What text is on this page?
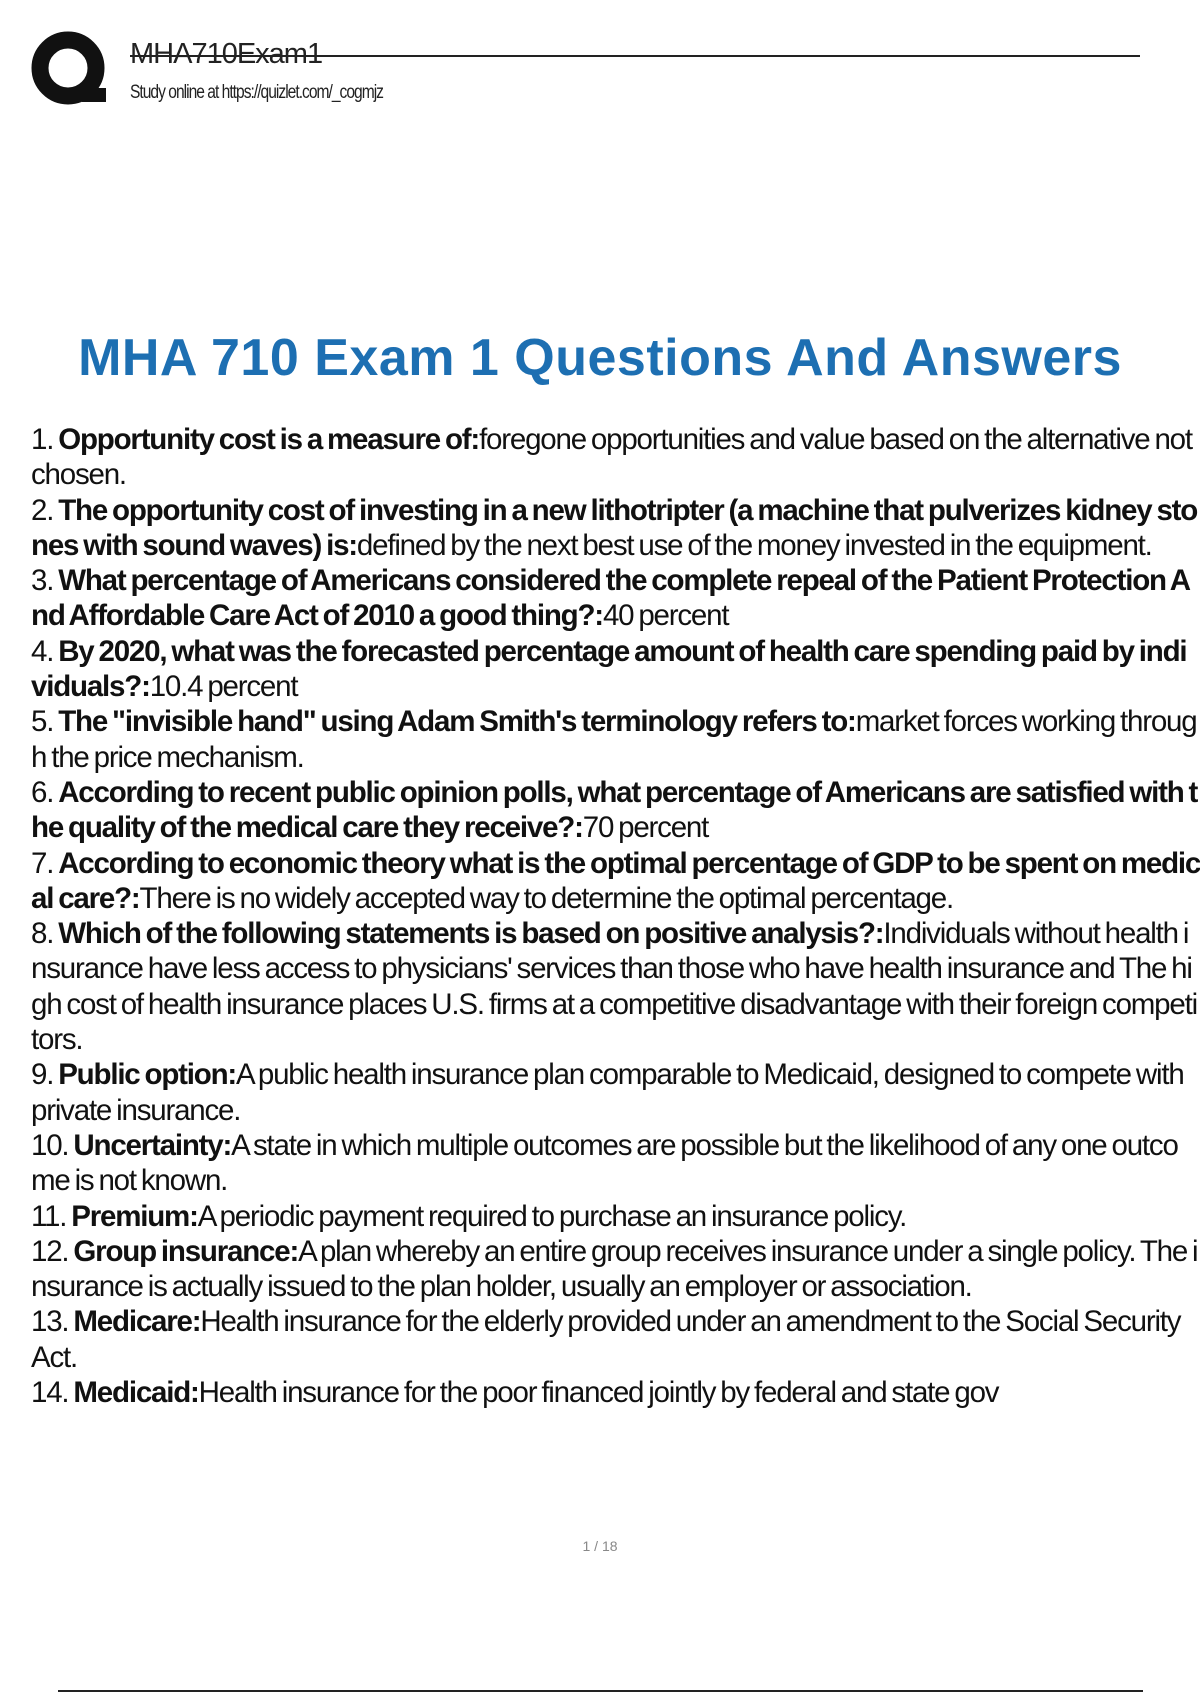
MHA710Exam1
Study online at https://quizlet.com/_cogmjz
MHA 710 Exam 1 Questions And Answers

1. Opportunity cost is a measure of:foregone opportunities and value based on the alternative not chosen.

2. The opportunity cost of investing in a new lithotripter (a machine that pulverizes kidney stones with sound waves) is:defined by the next best use of the money invested in the equipment.

3. What percentage of Americans considered the complete repeal of the Patient Protection And Affordable Care Act of 2010 a good thing?:40 percent

4. By 2020, what was the forecasted percentage amount of health care spending paid by individuals?:10.4 percent

5. The "invisible hand" using Adam Smith's terminology refers to:market forces working through the price mechanism.

6. According to recent public opinion polls, what percentage of Americans are satisfied with the quality of the medical care they receive?:70 percent

7. According to economic theory what is the optimal percentage of GDP to be spent on medical care?:There is no widely accepted way to determine the optimal percentage.

8. Which of the following statements is based on positive analysis?:Individuals without health insurance have less access to physicians' services than those who have health insurance and The high cost of health insurance places U.S. firms at a competitive disadvantage with their foreign competitors.

9. Public option:A public health insurance plan comparable to Medicaid, designed to compete with private insurance.

10. Uncertainty:A state in which multiple outcomes are possible but the likelihood of any one outcome is not known.

11. Premium:A periodic payment required to purchase an insurance policy.

12. Group insurance:A plan whereby an entire group receives insurance under a single policy. The insurance is actually issued to the plan holder, usually an employer or association.

13. Medicare:Health insurance for the elderly provided under an amendment to the Social Security Act.

14. Medicaid:Health insurance for the poor financed jointly by federal and state gov

1 / 18
